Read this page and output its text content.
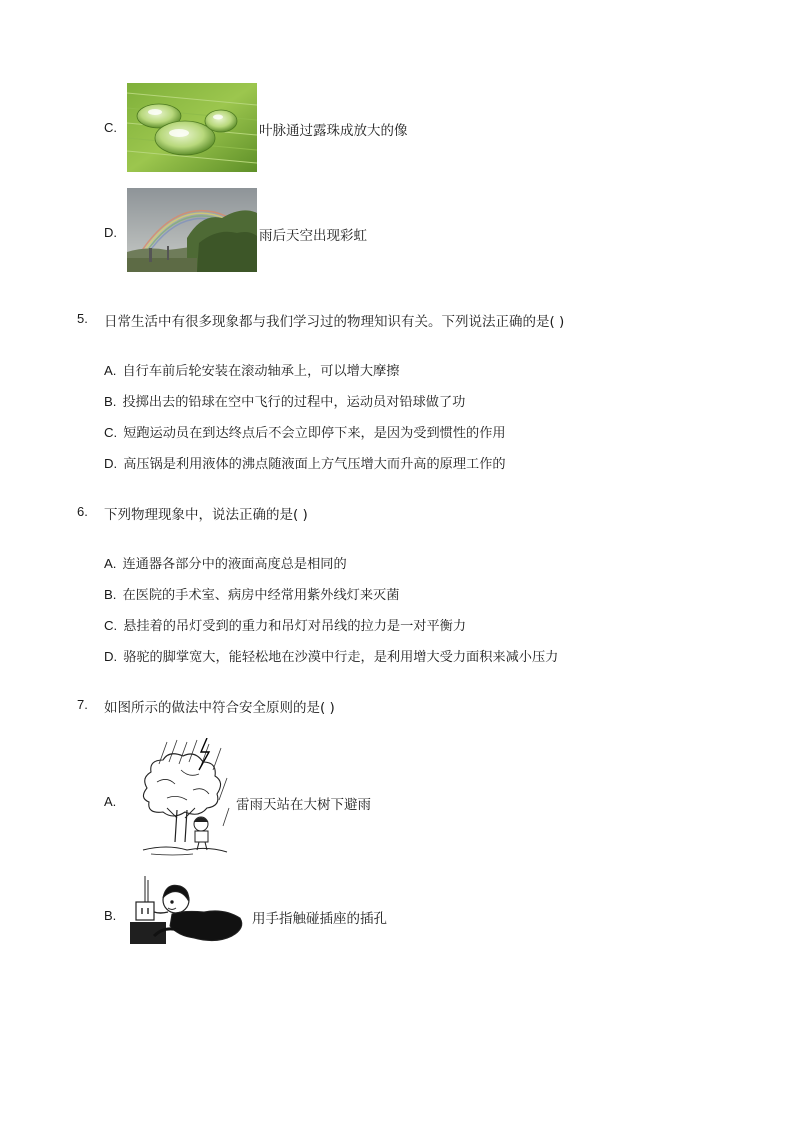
C.	叶脉通过露珠成放大的像
D.	雨后天空出现彩虹
5. 日常生活中有很多现象都与我们学习过的物理知识有关。下列说法正确的是( )
A. 自行车前后轮安装在滚动轴承上，可以增大摩擦
B. 投掷出去的铅球在空中飞行的过程中，运动员对铅球做了功
C. 短跑运动员在到达终点后不会立即停下来，是因为受到惯性的作用
D. 高压锅是利用液体的沸点随液面上方气压增大而升高的原理工作的
6. 下列物理现象中，说法正确的是( )
A. 连通器各部分中的液面高度总是相同的
B. 在医院的手术室、病房中经常用紫外线灯来灭菌
C. 悬挂着的吊灯受到的重力和吊灯对吊线的拉力是一对平衡力
D. 骆驼的脚掌宽大，能轻松地在沙漠中行走，是利用增大受力面积来减小压力
7. 如图所示的做法中符合安全原则的是( )
A.	雷雨天站在大树下避雨
B.	用手指触碰插座的插孔
